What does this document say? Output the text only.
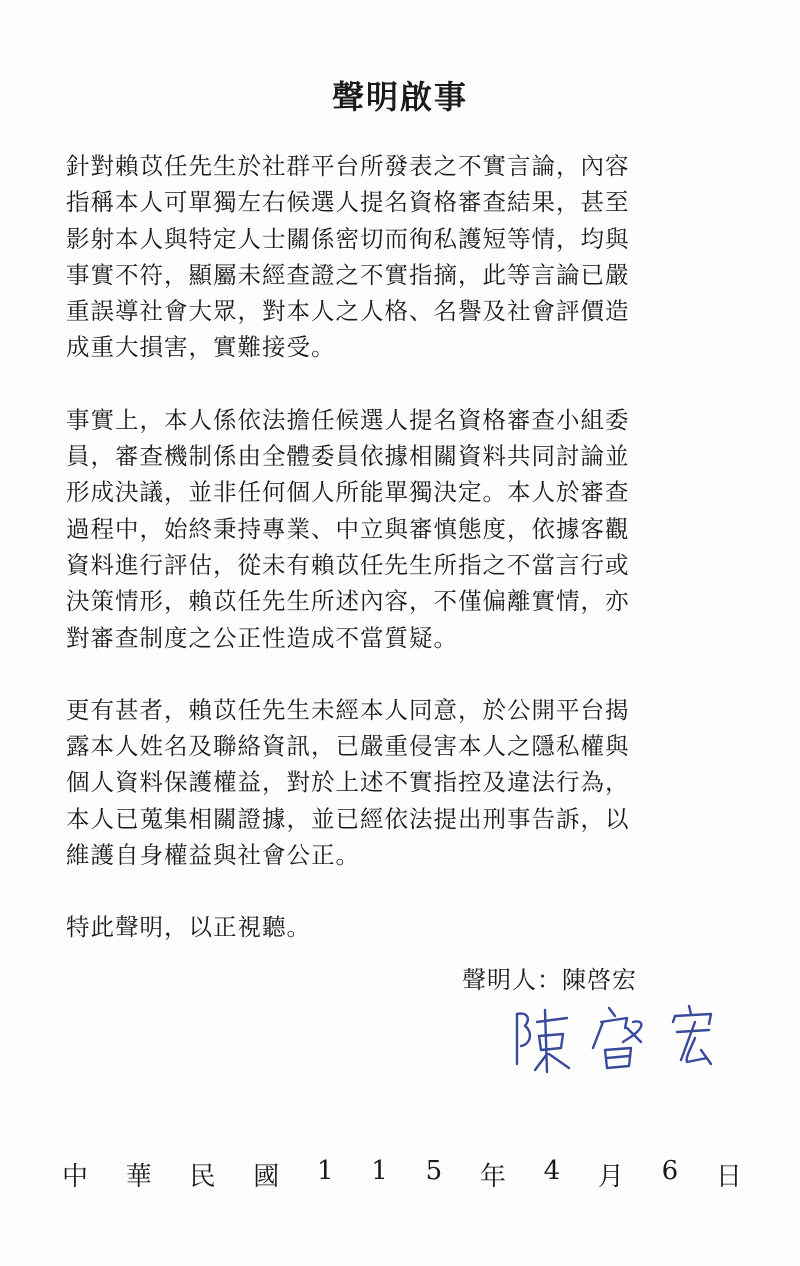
聲明啟事
針對賴苡任先生於社群平台所發表之不實言論，內容
指稱本人可單獨左右候選人提名資格審查結果，甚至
影射本人與特定人士關係密切而徇私護短等情，均與
事實不符，顯屬未經查證之不實指摘，此等言論已嚴
重誤導社會大眾，對本人之人格、名譽及社會評價造
成重大損害，實難接受。
事實上，本人係依法擔任候選人提名資格審查小組委
員，審查機制係由全體委員依據相關資料共同討論並
形成決議，並非任何個人所能單獨決定。本人於審查
過程中，始終秉持專業、中立與審慎態度，依據客觀
資料進行評估，從未有賴苡任先生所指之不當言行或
決策情形，賴苡任先生所述內容，不僅偏離實情，亦
對審查制度之公正性造成不當質疑。
更有甚者，賴苡任先生未經本人同意，於公開平台揭
露本人姓名及聯絡資訊，已嚴重侵害本人之隱私權與
個人資料保護權益，對於上述不實指控及違法行為，
本人已蒐集相關證據，並已經依法提出刑事告訴，以
維護自身權益與社會公正。
特此聲明，以正視聽。
聲明人：陳啓宏
中 華 民 國 1 1 5 年 4 月 6 日
